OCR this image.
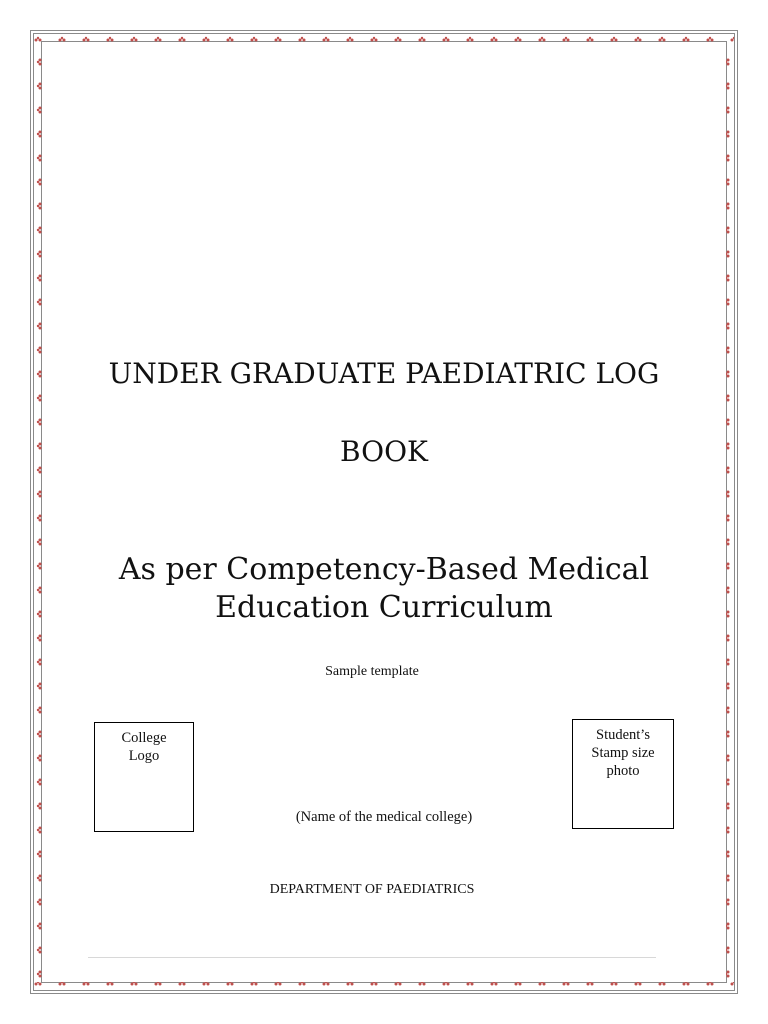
UNDER GRADUATE PAEDIATRIC LOG
BOOK
As per Competency-Based Medical
Education Curriculum
Sample template
College
Logo
Student’s
Stamp size
photo
(Name of the medical college)
DEPARTMENT OF PAEDIATRICS
